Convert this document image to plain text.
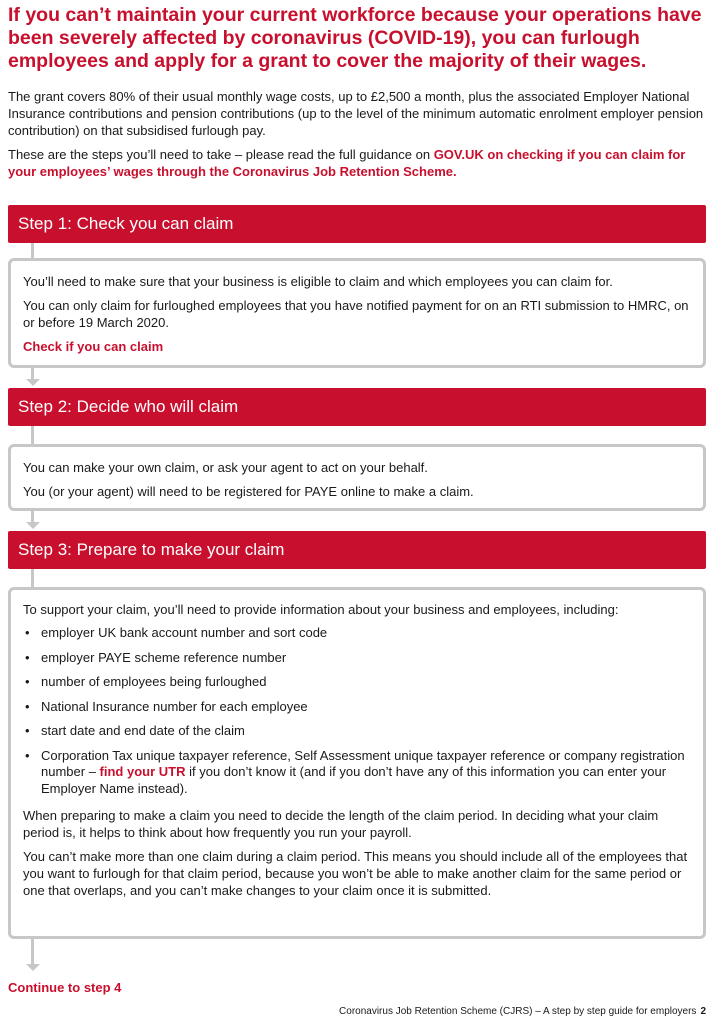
If you can’t maintain your current workforce because your operations have been severely affected by coronavirus (COVID-19), you can furlough employees and apply for a grant to cover the majority of their wages.

The grant covers 80% of their usual monthly wage costs, up to £2,500 a month, plus the associated Employer National Insurance contributions and pension contributions (up to the level of the minimum automatic enrolment employer pension contribution) on that subsidised furlough pay.

These are the steps you’ll need to take – please read the full guidance on GOV.UK on checking if you can claim for your employees’ wages through the Coronavirus Job Retention Scheme.

Step 1: Check you can claim

You’ll need to make sure that your business is eligible to claim and which employees you can claim for.

You can only claim for furloughed employees that you have notified payment for on an RTI submission to HMRC, on or before 19 March 2020.

Check if you can claim
Step 2: Decide who will claim

You can make your own claim, or ask your agent to act on your behalf.

You (or your agent) will need to be registered for PAYE online to make a claim.

Step 3: Prepare to make your claim

To support your claim, you’ll need to provide information about your business and employees, including:

• employer UK bank account number and sort code
• employer PAYE scheme reference number
• number of employees being furloughed
• National Insurance number for each employee
• start date and end date of the claim
• Corporation Tax unique taxpayer reference, Self Assessment unique taxpayer reference or company registration number – find your UTR if you don’t know it (and if you don’t have any of this information you can enter your Employer Name instead).

When preparing to make a claim you need to decide the length of the claim period. In deciding what your claim period is, it helps to think about how frequently you run your payroll.

You can’t make more than one claim during a claim period. This means you should include all of the employees that you want to furlough for that claim period, because you won’t be able to make another claim for the same period or one that overlaps, and you can’t make changes to your claim once it is submitted.

Continue to step 4
Coronavirus Job Retention Scheme (CJRS) – A step by step guide for employers 2
